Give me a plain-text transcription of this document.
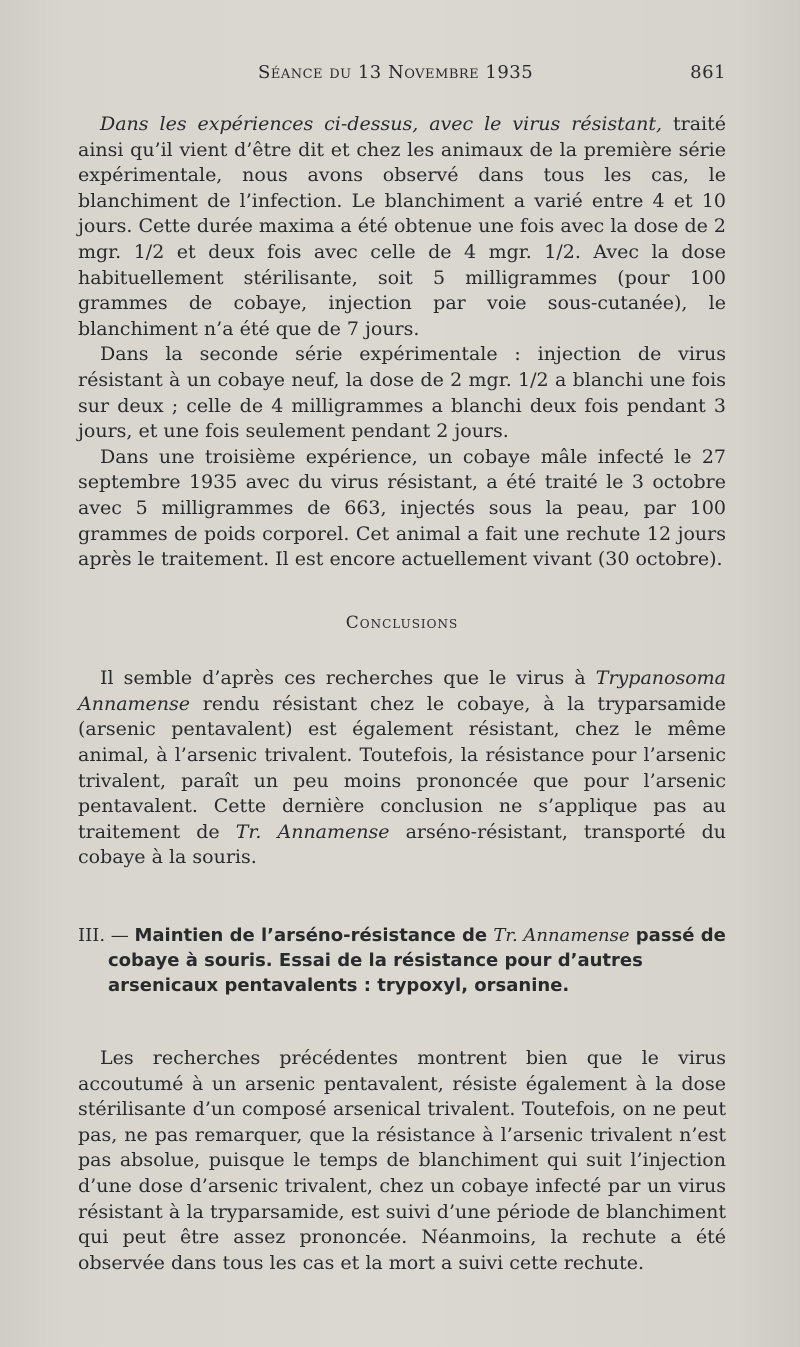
Séance du 13 Novembre 1935	861

Dans les expériences ci-dessus, avec le virus résistant, traité ainsi qu’il vient d’être dit et chez les animaux de la première série expérimentale, nous avons observé dans tous les cas, le blanchiment de l’infection. Le blanchiment a varié entre 4 et 10 jours. Cette durée maxima a été obtenue une fois avec la dose de 2 mgr. 1/2 et deux fois avec celle de 4 mgr. 1/2. Avec la dose habituellement stérilisante, soit 5 milligrammes (pour 100 grammes de cobaye, injection par voie sous-cutanée), le blanchiment n’a été que de 7 jours.

Dans la seconde série expérimentale : injection de virus résistant à un cobaye neuf, la dose de 2 mgr. 1/2 a blanchi une fois sur deux ; celle de 4 milligrammes a blanchi deux fois pendant 3 jours, et une fois seulement pendant 2 jours.

Dans une troisième expérience, un cobaye mâle infecté le 27 septembre 1935 avec du virus résistant, a été traité le 3 octobre avec 5 milligrammes de 663, injectés sous la peau, par 100 grammes de poids corporel. Cet animal a fait une rechute 12 jours après le traitement. Il est encore actuellement vivant (30 octobre).

Conclusions

Il semble d’après ces recherches que le virus à Trypanosoma Annamense rendu résistant chez le cobaye, à la tryparsamide (arsenic pentavalent) est également résistant, chez le même animal, à l’arsenic trivalent. Toutefois, la résistance pour l’arsenic trivalent, paraît un peu moins prononcée que pour l’arsenic pentavalent. Cette dernière conclusion ne s’applique pas au traitement de Tr. Annamense arséno-résistant, transporté du cobaye à la souris.

III. — Maintien de l’arséno-résistance de Tr. Annamense passé de cobaye à souris. Essai de la résistance pour d’autres arsenicaux pentavalents : trypoxyl, orsanine.

Les recherches précédentes montrent bien que le virus accoutumé à un arsenic pentavalent, résiste également à la dose stérilisante d’un composé arsenical trivalent. Toutefois, on ne peut pas, ne pas remarquer, que la résistance à l’arsenic trivalent n’est pas absolue, puisque le temps de blanchiment qui suit l’injection d’une dose d’arsenic trivalent, chez un cobaye infecté par un virus résistant à la tryparsamide, est suivi d’une période de blanchiment qui peut être assez prononcée. Néanmoins, la rechute a été observée dans tous les cas et la mort a suivi cette rechute.
